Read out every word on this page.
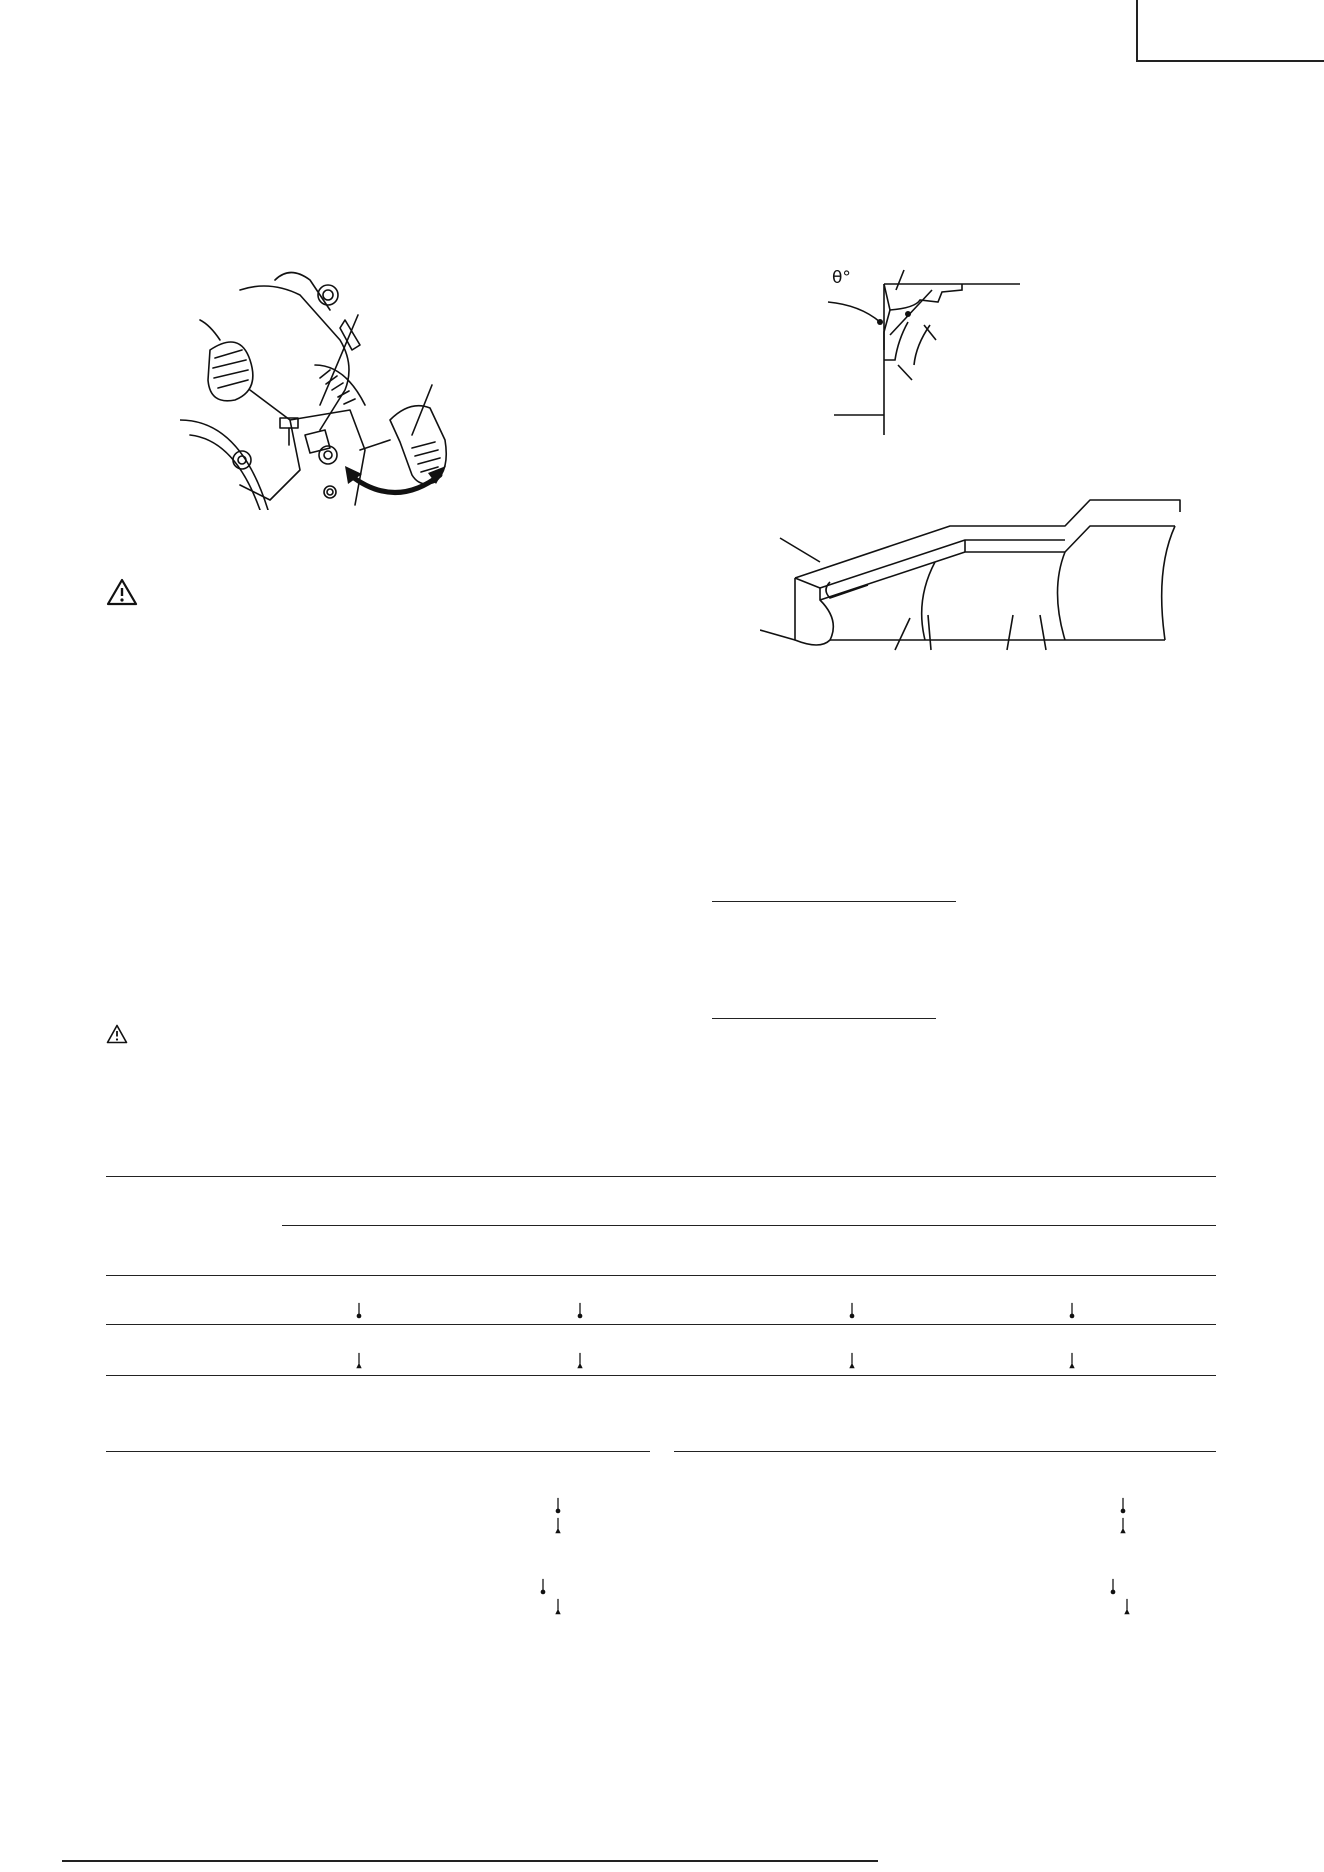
θ°
